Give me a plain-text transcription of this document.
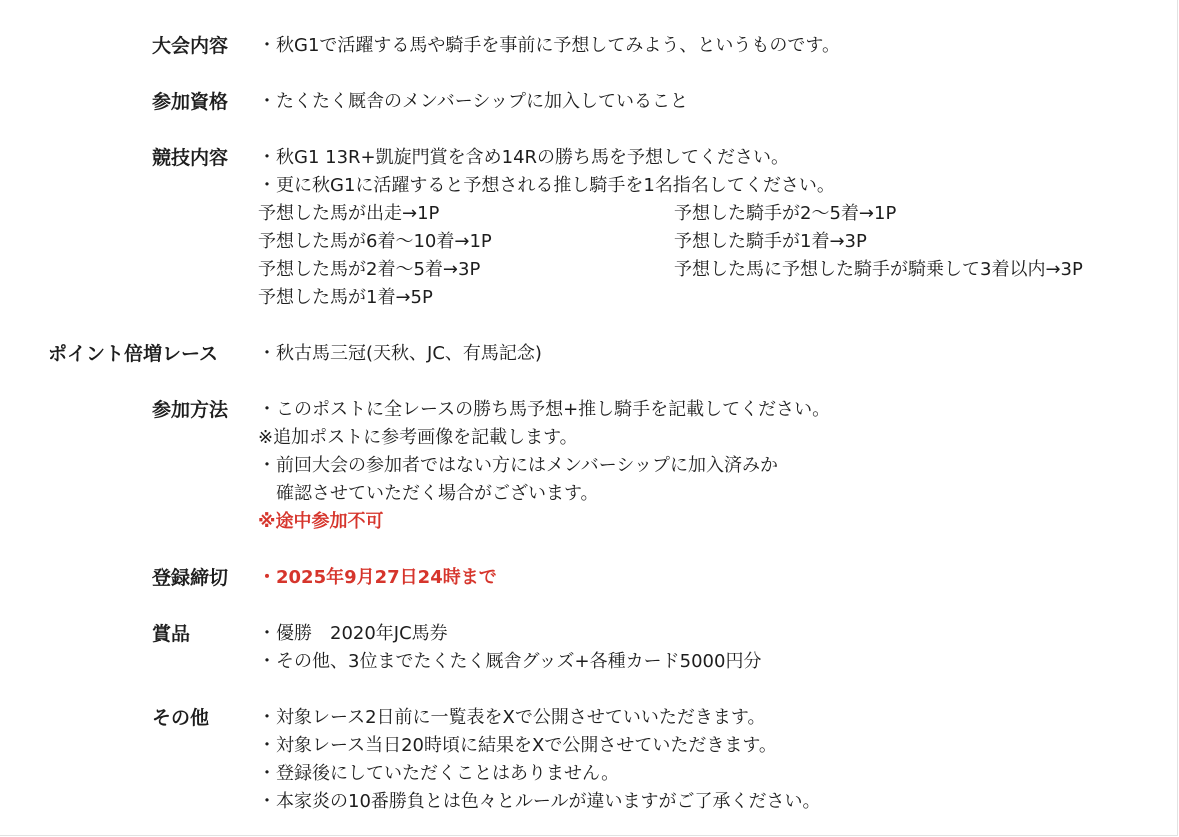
大会内容 ・秋G1で活躍する馬や騎手を事前に予想してみよう、というものです。
参加資格 ・たくたく厩舎のメンバーシップに加入していること
競技内容 ・秋G1 13R+凱旋門賞を含め14Rの勝ち馬を予想してください。
・更に秋G1に活躍すると予想される推し騎手を1名指名してください。
予想した馬が出走→1P
予想した馬が6着〜10着→1P
予想した馬が2着〜5着→3P
予想した馬が1着→5P
予想した騎手が2〜5着→1P
予想した騎手が1着→3P
予想した馬に予想した騎手が騎乗して3着以内→3P
ポイント倍増レース ・秋古馬三冠(天秋、JC、有馬記念)
参加方法 ・このポストに全レースの勝ち馬予想+推し騎手を記載してください。
※追加ポストに参考画像を記載します。
・前回大会の参加者ではない方にはメンバーシップに加入済みか
確認させていただく場合がございます。
※途中参加不可
登録締切 ・2025年9月27日24時まで
賞品	・優勝　2020年JC馬券
・その他、3位までたくたく厩舎グッズ+各種カード5000円分
その他	・対象レース2日前に一覧表をXで公開させていいただきます。
・対象レース当日20時頃に結果をXで公開させていただきます。
・登録後にしていただくことはありません。
・本家炎の10番勝負とは色々とルールが違いますがご了承ください。
